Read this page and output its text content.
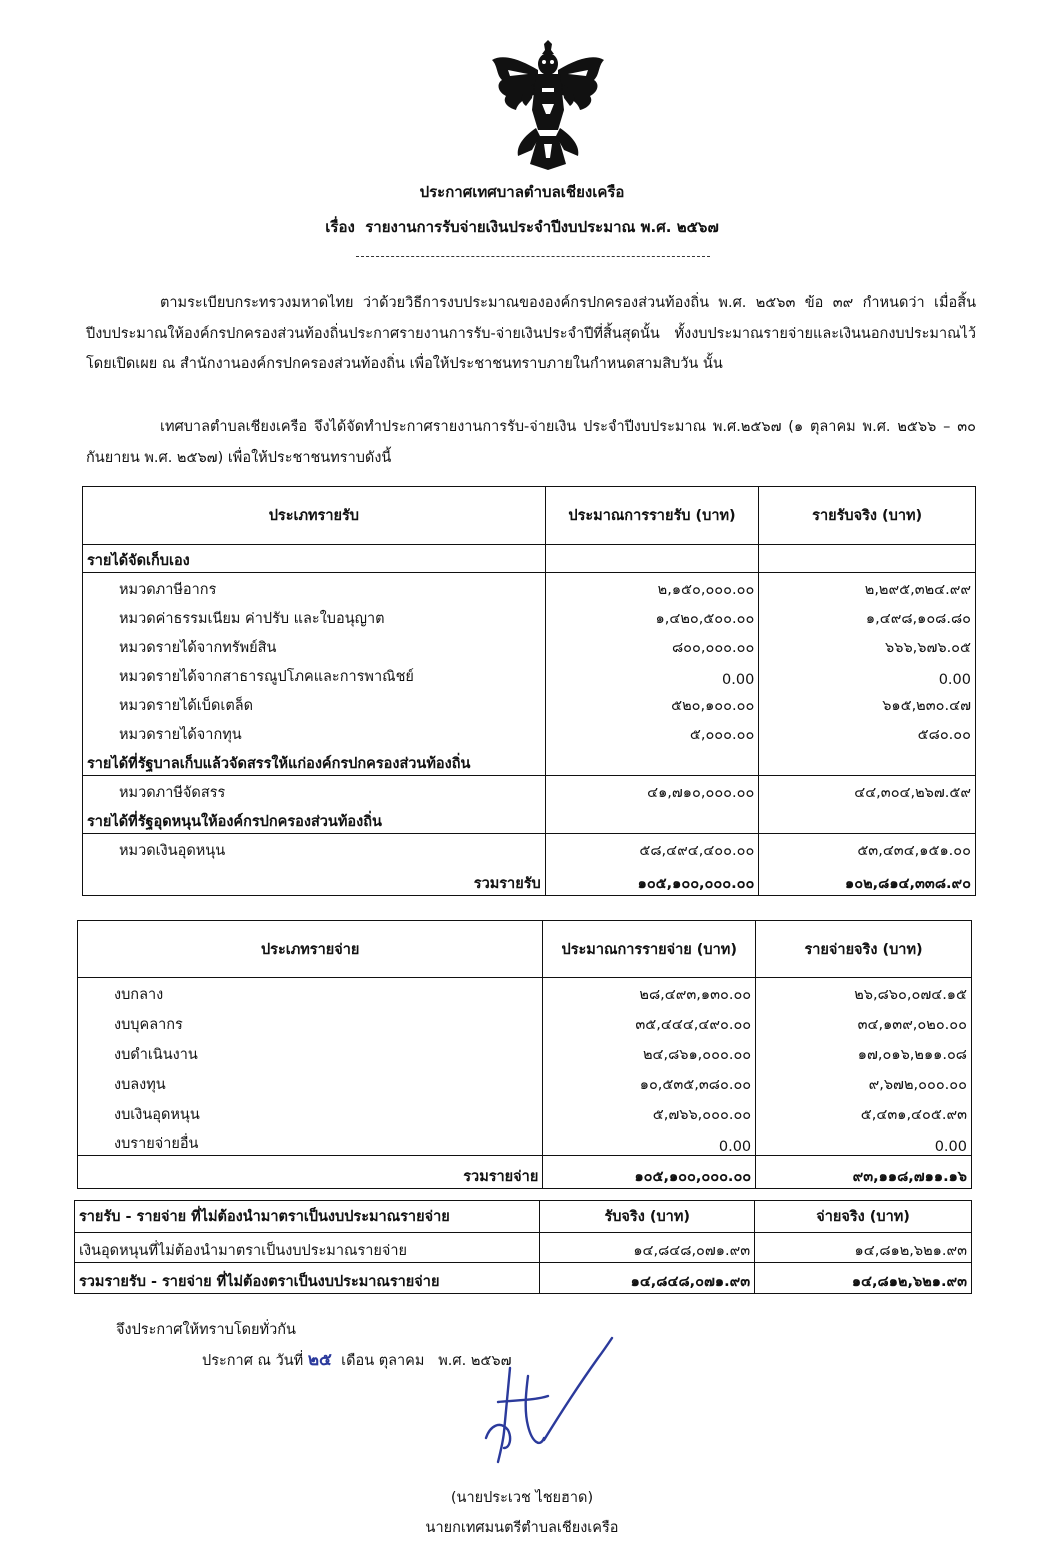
ประกาศเทศบาลตำบลเชียงเครือ
เรื่อง รายงานการรับจ่ายเงินประจำปีงบประมาณ พ.ศ. ๒๕๖๗
ตามระเบียบกระทรวงมหาดไทย ว่าด้วยวิธีการงบประมาณขององค์กรปกครองส่วนท้องถิ่น พ.ศ. ๒๕๖๓ ข้อ ๓๙ กำหนดว่า เมื่อสิ้นปีงบประมาณให้องค์กรปกครองส่วนท้องถิ่นประกาศรายงานการรับ-จ่ายเงินประจำปีที่สิ้นสุดนั้น ทั้งงบประมาณรายจ่ายและเงินนอกงบประมาณไว้โดยเปิดเผย ณ สำนักงานองค์กรปกครองส่วนท้องถิ่น เพื่อให้ประชาชนทราบภายในกำหนดสามสิบวัน นั้น
เทศบาลตำบลเชียงเครือ จึงได้จัดทำประกาศรายงานการรับ-จ่ายเงิน ประจำปีงบประมาณ พ.ศ.๒๕๖๗ (๑ ตุลาคม พ.ศ. ๒๕๖๖ – ๓๐ กันยายน พ.ศ. ๒๕๖๗) เพื่อให้ประชาชนทราบดังนี้
ประเภทรายรับ	ประมาณการรายรับ (บาท)	รายรับจริง (บาท)
รายได้จัดเก็บเอง		
หมวดภาษีอากร	๒,๑๕๐,๐๐๐.๐๐	๒,๒๙๕,๓๒๔.๙๙
หมวดค่าธรรมเนียม ค่าปรับ และใบอนุญาต	๑,๔๒๐,๕๐๐.๐๐	๑,๔๙๘,๑๐๘.๘๐
หมวดรายได้จากทรัพย์สิน	๘๐๐,๐๐๐.๐๐	๖๖๖,๖๗๖.๐๕
หมวดรายได้จากสาธารณูปโภคและการพาณิชย์	0.00	0.00
หมวดรายได้เบ็ดเตล็ด	๕๒๐,๑๐๐.๐๐	๖๑๕,๒๓๐.๔๗
หมวดรายได้จากทุน	๕,๐๐๐.๐๐	๕๘๐.๐๐
รายได้ที่รัฐบาลเก็บแล้วจัดสรรให้แก่องค์กรปกครองส่วนท้องถิ่น		
หมวดภาษีจัดสรร	๔๑,๗๑๐,๐๐๐.๐๐	๔๔,๓๐๔,๒๖๗.๕๙
รายได้ที่รัฐอุดหนุนให้องค์กรปกครองส่วนท้องถิ่น		
หมวดเงินอุดหนุน	๕๘,๔๙๔,๔๐๐.๐๐	๕๓,๔๓๔,๑๕๑.๐๐
รวมรายรับ	๑๐๕,๑๐๐,๐๐๐.๐๐	๑๐๒,๘๑๔,๓๓๘.๙๐
ประเภทรายจ่าย	ประมาณการรายจ่าย (บาท)	รายจ่ายจริง (บาท)
งบกลาง	๒๘,๔๙๓,๑๓๐.๐๐	๒๖,๘๖๐,๐๗๔.๑๕
งบบุคลากร	๓๕,๔๔๔,๔๙๐.๐๐	๓๔,๑๓๙,๐๒๐.๐๐
งบดำเนินงาน	๒๔,๘๖๑,๐๐๐.๐๐	๑๗,๐๑๖,๒๑๑.๐๘
งบลงทุน	๑๐,๕๓๕,๓๘๐.๐๐	๙,๖๗๒,๐๐๐.๐๐
งบเงินอุดหนุน	๕,๗๖๖,๐๐๐.๐๐	๕,๔๓๑,๔๐๕.๙๓
งบรายจ่ายอื่น	0.00	0.00
รวมรายจ่าย	๑๐๕,๑๐๐,๐๐๐.๐๐	๙๓,๑๑๘,๗๑๑.๑๖
รายรับ - รายจ่าย ที่ไม่ต้องนำมาตราเป็นงบประมาณรายจ่าย	รับจริง (บาท)	จ่ายจริง (บาท)
เงินอุดหนุนที่ไม่ต้องนำมาตราเป็นงบประมาณรายจ่าย	๑๔,๘๔๘,๐๗๑.๙๓	๑๔,๘๑๒,๖๒๑.๙๓
รวมรายรับ - รายจ่าย ที่ไม่ต้องตราเป็นงบประมาณรายจ่าย	๑๔,๘๔๘,๐๗๑.๙๓	๑๔,๘๑๒,๖๒๑.๙๓
จึงประกาศให้ทราบโดยทั่วกัน
ประกาศ ณ วันที่ ๒๕ เดือน ตุลาคม พ.ศ. ๒๕๖๗
(นายประเวช ไชยฮาด)
นายกเทศมนตรีตำบลเชียงเครือ
